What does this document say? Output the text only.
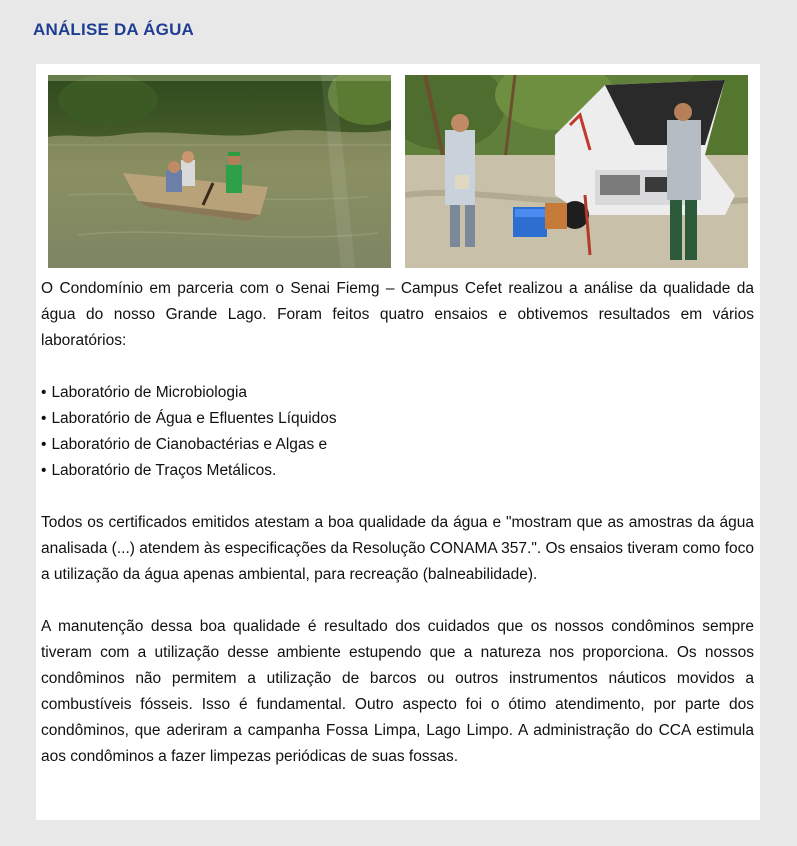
ANÁLISE DA ÁGUA

O Condomínio em parceria com o Senai Fiemg – Campus Cefet realizou a análise da qualidade da água do nosso Grande Lago. Foram feitos quatro ensaios e obtivemos resultados em vários laboratórios:

• Laboratório de Microbiologia
• Laboratório de Água e Efluentes Líquidos
• Laboratório de Cianobactérias e Algas e
• Laboratório de Traços Metálicos.

Todos os certificados emitidos atestam a boa qualidade da água e "mostram que as amostras da água analisada (...) atendem às especificações da Resolução CONAMA 357.". Os ensaios tiveram como foco a utilização da água apenas ambiental, para recreação (balneabilidade).

A manutenção dessa boa qualidade é resultado dos cuidados que os nossos condôminos sempre tiveram com a utilização desse ambiente estupendo que a natureza nos proporciona. Os nossos condôminos não permitem a utilização de barcos ou outros instrumentos náuticos movidos a combustíveis fósseis. Isso é fundamental. Outro aspecto foi o ótimo atendimento, por parte dos condôminos, que aderiram a campanha Fossa Limpa, Lago Limpo. A administração do CCA estimula aos condôminos a fazer limpezas periódicas de suas fossas.
